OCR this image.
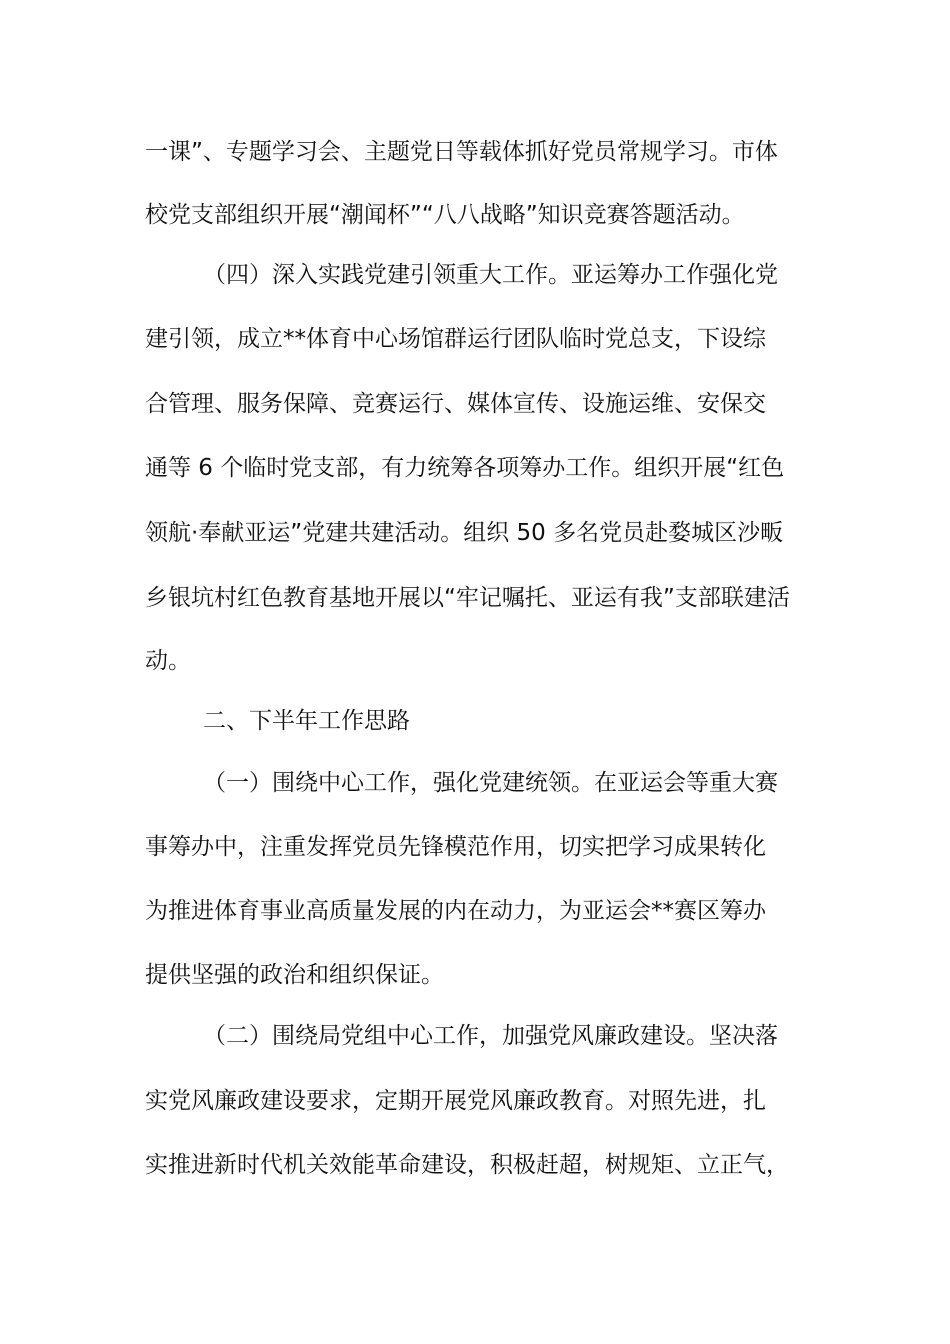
一课”、专题学习会、主题党日等载体抓好党员常规学习。市体
校党支部组织开展“潮闻杯”“八八战略”知识竞赛答题活动。
（四）深入实践党建引领重大工作。亚运筹办工作强化党
建引领，成立**体育中心场馆群运行团队临时党总支，下设综
合管理、服务保障、竞赛运行、媒体宣传、设施运维、安保交
通等 6 个临时党支部，有力统筹各项筹办工作。组织开展“红色
领航·奉献亚运”党建共建活动。组织 50 多名党员赴婺城区沙畈
乡银坑村红色教育基地开展以“牢记嘱托、亚运有我”支部联建活
动。
二、下半年工作思路
（一）围绕中心工作，强化党建统领。在亚运会等重大赛
事筹办中，注重发挥党员先锋模范作用，切实把学习成果转化
为推进体育事业高质量发展的内在动力，为亚运会**赛区筹办
提供坚强的政治和组织保证。
（二）围绕局党组中心工作，加强党风廉政建设。坚决落
实党风廉政建设要求，定期开展党风廉政教育。对照先进，扎
实推进新时代机关效能革命建设，积极赶超，树规矩、立正气，
